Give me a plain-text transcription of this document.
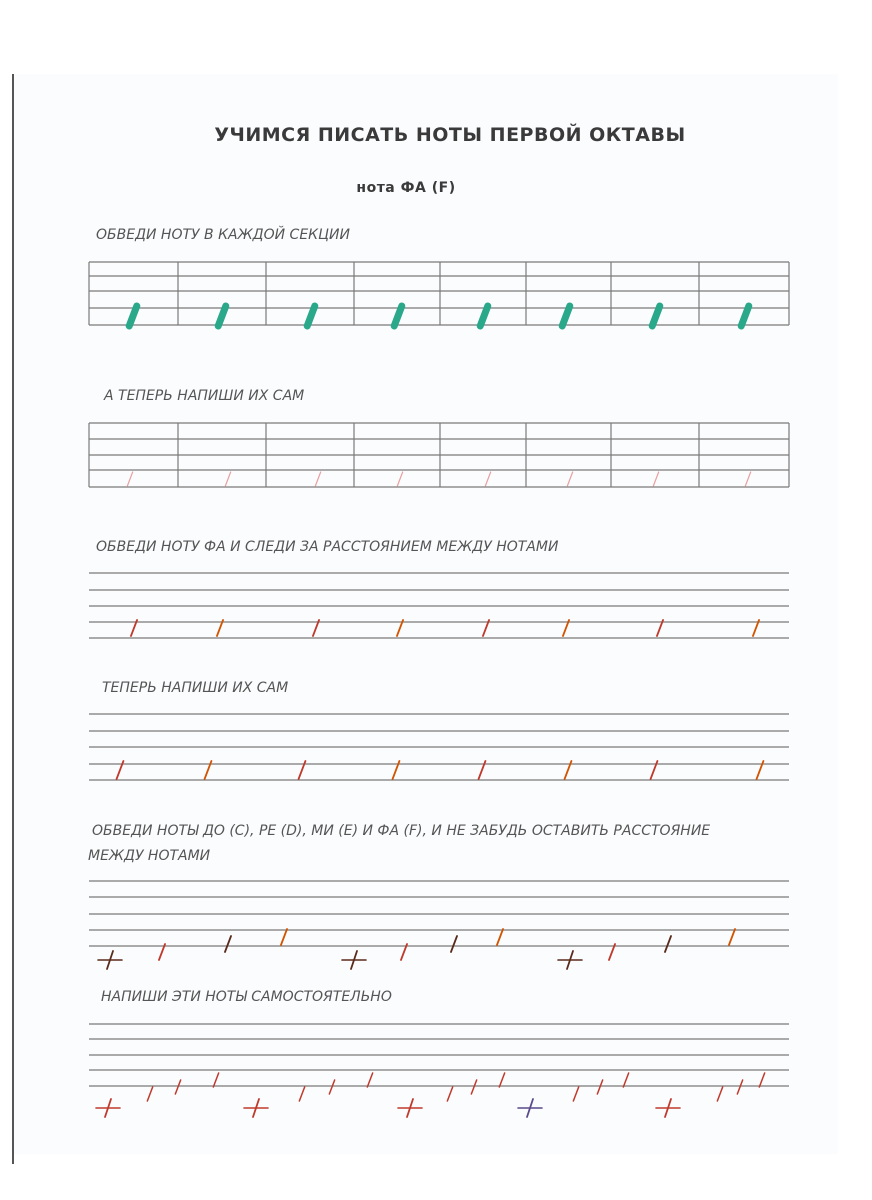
УЧИМСЯ ПИСАТЬ НОТЫ ПЕРВОЙ ОКТАВЫ
нота ФА (F)

ОБВЕДИ НОТУ В КАЖДОЙ СЕКЦИИ

А ТЕПЕРЬ НАПИШИ ИХ САМ

ОБВЕДИ НОТУ ФА И СЛЕДИ ЗА РАССТОЯНИЕМ МЕЖДУ НОТАМИ

ТЕПЕРЬ НАПИШИ ИХ САМ

ОБВЕДИ НОТЫ ДО (С), РЕ (D), МИ (E) И ФА (F), И НЕ ЗАБУДЬ ОСТАВИТЬ РАССТОЯНИЕ

МЕЖДУ НОТАМИ

НАПИШИ ЭТИ НОТЫ САМОСТОЯТЕЛЬНО
